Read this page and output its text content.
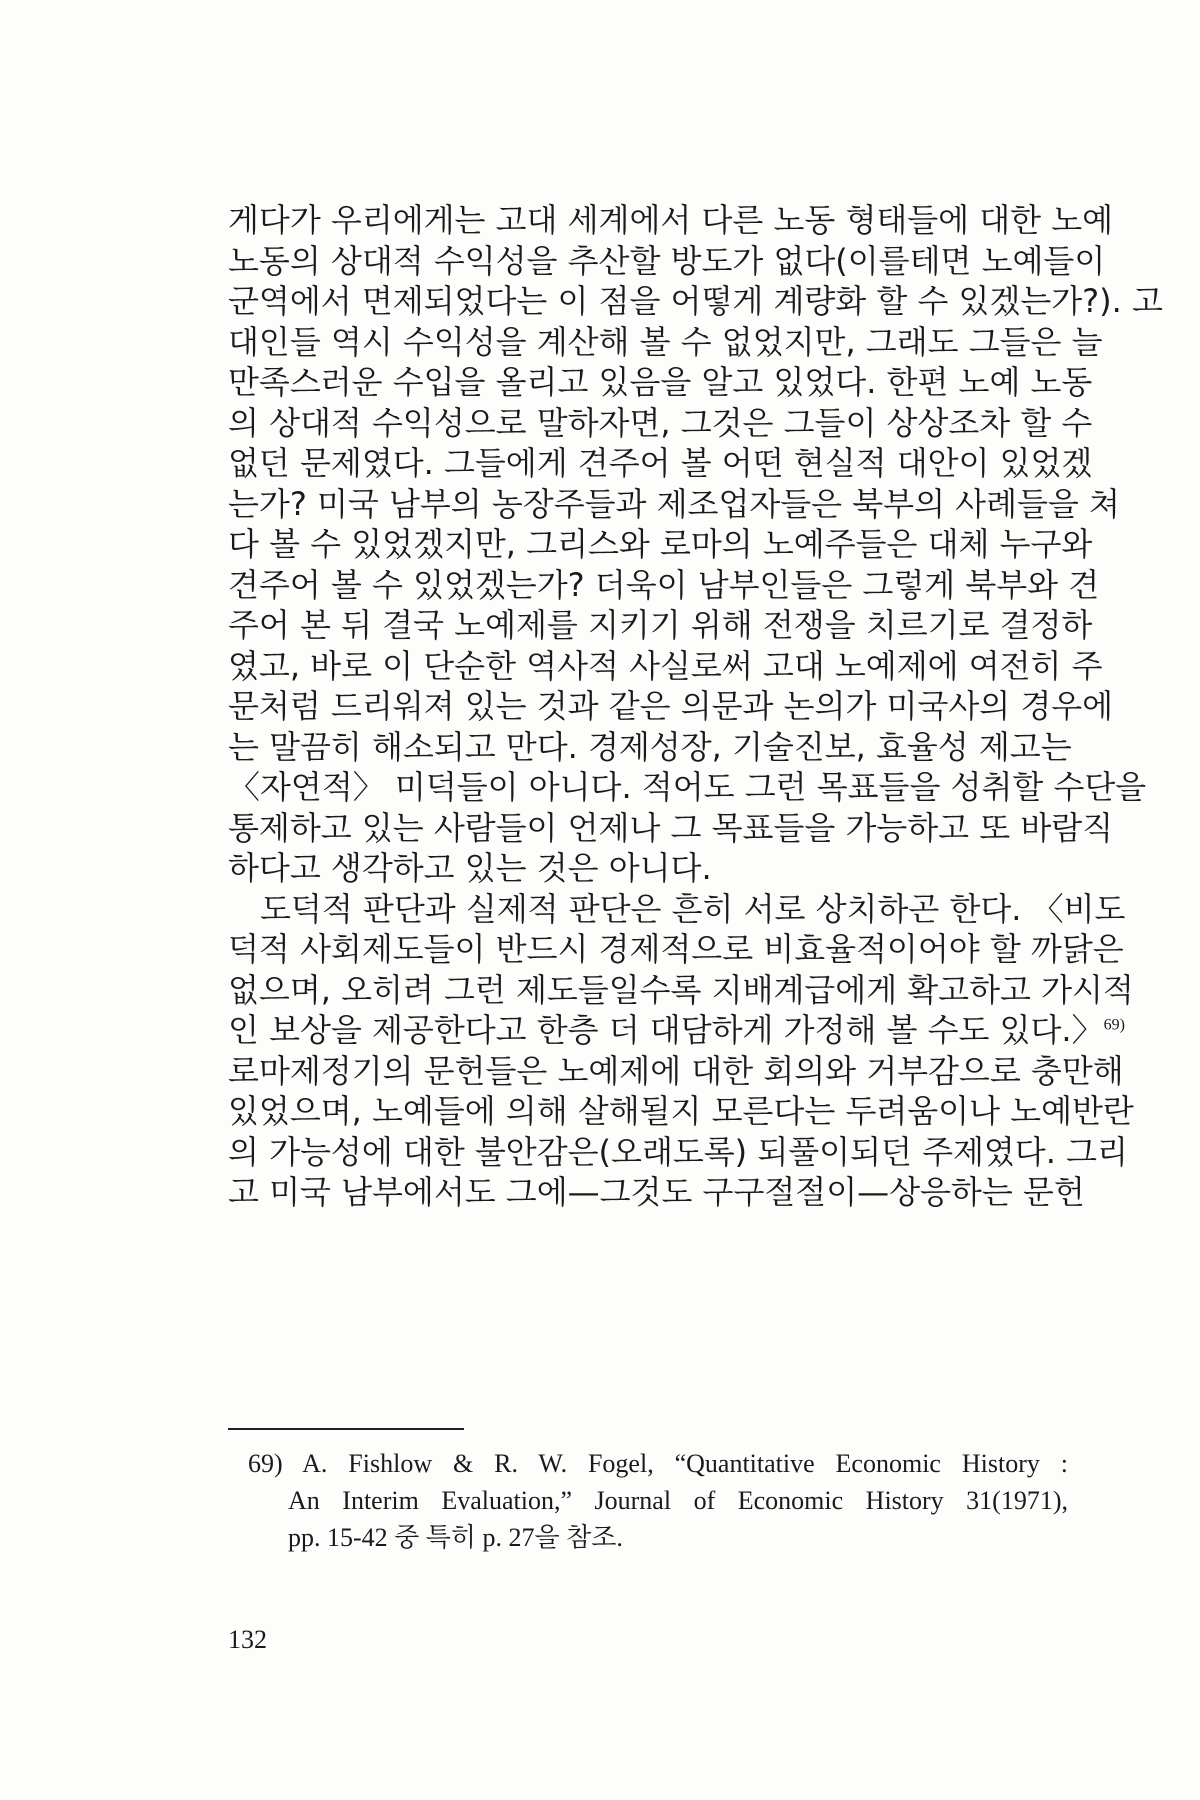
게다가 우리에게는 고대 세계에서 다른 노동 형태들에 대한 노예
노동의 상대적 수익성을 추산할 방도가 없다(이를테면 노예들이
군역에서 면제되었다는 이 점을 어떻게 계량화 할 수 있겠는가?). 고
대인들 역시 수익성을 계산해 볼 수 없었지만, 그래도 그들은 늘
만족스러운 수입을 올리고 있음을 알고 있었다. 한편 노예 노동
의 상대적 수익성으로 말하자면, 그것은 그들이 상상조차 할 수
없던 문제였다. 그들에게 견주어 볼 어떤 현실적 대안이 있었겠
는가? 미국 남부의 농장주들과 제조업자들은 북부의 사례들을 쳐
다 볼 수 있었겠지만, 그리스와 로마의 노예주들은 대체 누구와
견주어 볼 수 있었겠는가? 더욱이 남부인들은 그렇게 북부와 견
주어 본 뒤 결국 노예제를 지키기 위해 전쟁을 치르기로 결정하
였고, 바로 이 단순한 역사적 사실로써 고대 노예제에 여전히 주
문처럼 드리워져 있는 것과 같은 의문과 논의가 미국사의 경우에
는 말끔히 해소되고 만다. 경제성장, 기술진보, 효율성 제고는
〈자연적〉 미덕들이 아니다. 적어도 그런 목표들을 성취할 수단을
통제하고 있는 사람들이 언제나 그 목표들을 가능하고 또 바람직
하다고 생각하고 있는 것은 아니다.
도덕적 판단과 실제적 판단은 흔히 서로 상치하곤 한다. 〈비도
덕적 사회제도들이 반드시 경제적으로 비효율적이어야 할 까닭은
없으며, 오히려 그런 제도들일수록 지배계급에게 확고하고 가시적
인 보상을 제공한다고 한층 더 대담하게 가정해 볼 수도 있다.〉$^{69)}$
로마제정기의 문헌들은 노예제에 대한 회의와 거부감으로 충만해
있었으며, 노예들에 의해 살해될지 모른다는 두려움이나 노예반란
의 가능성에 대한 불안감은(오래도록) 되풀이되던 주제였다. 그리
고 미국 남부에서도 그에—그것도 구구절절이—상응하는 문헌
69) A. Fishlow & R. W. Fogel, “Quantitative Economic History :
An Interim Evaluation,” Journal of Economic History 31(1971),
pp. 15-42 중 특히 p. 27을 참조.
132
